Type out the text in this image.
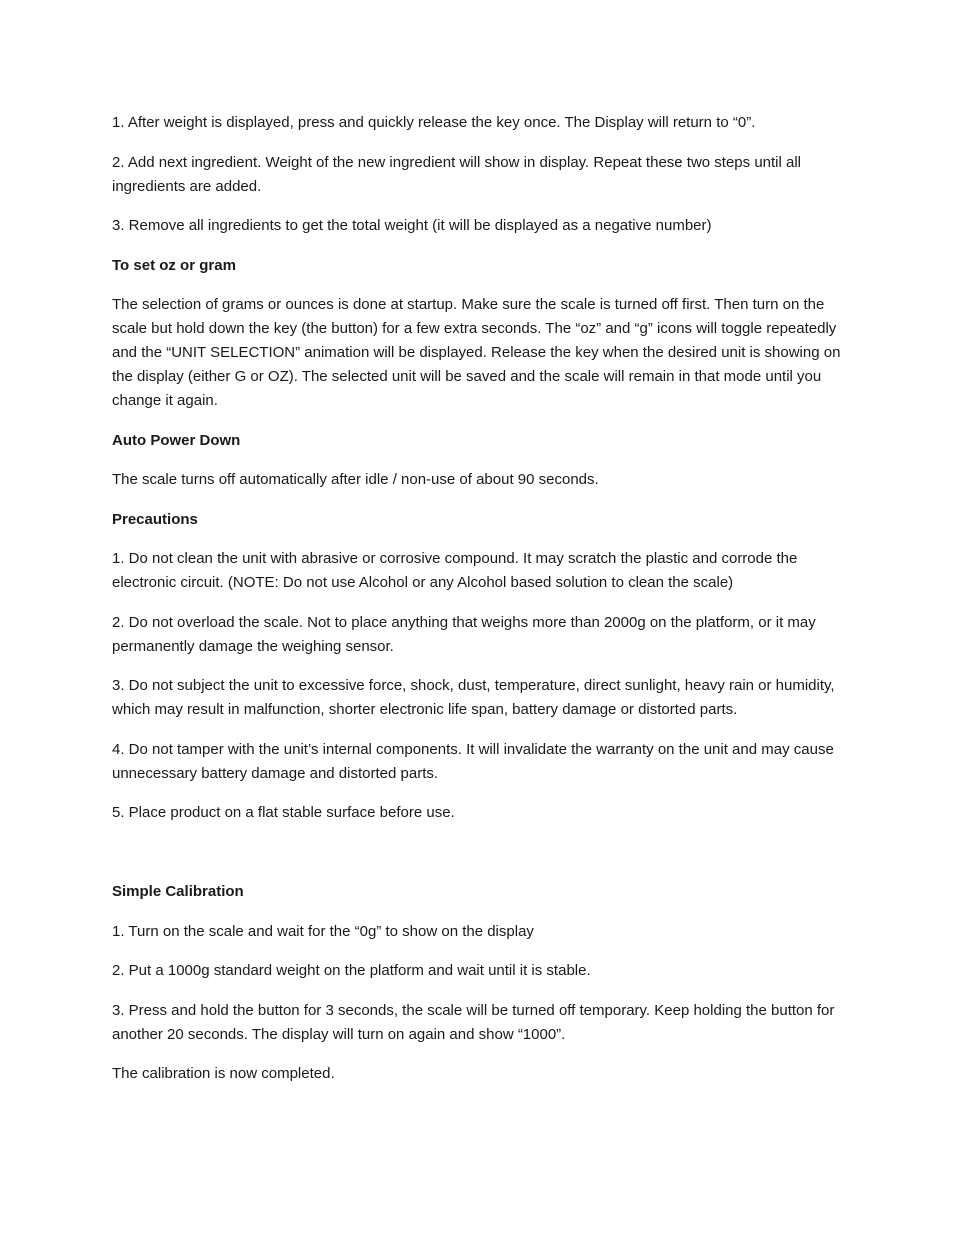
1. After weight is displayed, press and quickly release the key once. The Display will return to “0”.

2. Add next ingredient. Weight of the new ingredient will show in display. Repeat these two steps until all ingredients are added.

3. Remove all ingredients to get the total weight (it will be displayed as a negative number)

To set oz or gram

The selection of grams or ounces is done at startup. Make sure the scale is turned off first. Then turn on the scale but hold down the key (the button) for a few extra seconds. The “oz” and “g” icons will toggle repeatedly and the “UNIT SELECTION” animation will be displayed. Release the key when the desired unit is showing on the display (either G or OZ). The selected unit will be saved and the scale will remain in that mode until you change it again.

Auto Power Down

The scale turns off automatically after idle / non-use of about 90 seconds.

Precautions

1. Do not clean the unit with abrasive or corrosive compound. It may scratch the plastic and corrode the electronic circuit. (NOTE: Do not use Alcohol or any Alcohol based solution to clean the scale)

2. Do not overload the scale. Not to place anything that weighs more than 2000g on the platform, or it may permanently damage the weighing sensor.

3. Do not subject the unit to excessive force, shock, dust, temperature, direct sunlight, heavy rain or humidity, which may result in malfunction, shorter electronic life span, battery damage or distorted parts.

4. Do not tamper with the unit’s internal components. It will invalidate the warranty on the unit and may cause unnecessary battery damage and distorted parts.

5. Place product on a flat stable surface before use.

Simple Calibration

1. Turn on the scale and wait for the “0g” to show on the display

2. Put a 1000g standard weight on the platform and wait until it is stable.

3. Press and hold the button for 3 seconds, the scale will be turned off temporary. Keep holding the button for another 20 seconds. The display will turn on again and show “1000”.

The calibration is now completed.
